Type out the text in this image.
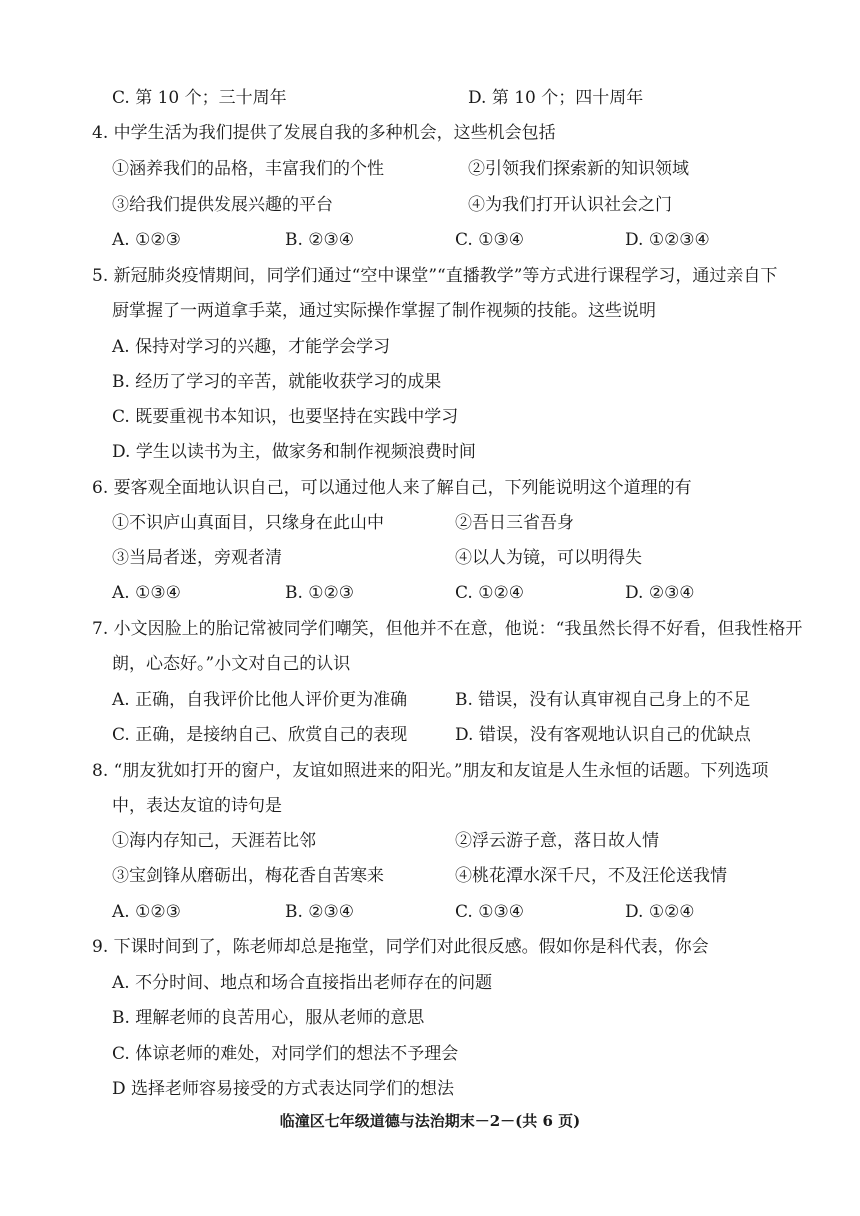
C. 第 10 个；三十周年	D. 第 10 个；四十周年
4. 中学生活为我们提供了发展自我的多种机会，这些机会包括
①涵养我们的品格，丰富我们的个性	②引领我们探索新的知识领域
③给我们提供发展兴趣的平台	④为我们打开认识社会之门
A. ①②③	B. ②③④	C. ①③④	D. ①②③④
5. 新冠肺炎疫情期间，同学们通过“空中课堂”“直播教学”等方式进行课程学习，通过亲自下
厨掌握了一两道拿手菜，通过实际操作掌握了制作视频的技能。这些说明
A. 保持对学习的兴趣，才能学会学习
B. 经历了学习的辛苦，就能收获学习的成果
C. 既要重视书本知识，也要坚持在实践中学习
D. 学生以读书为主，做家务和制作视频浪费时间
6. 要客观全面地认识自己，可以通过他人来了解自己，下列能说明这个道理的有
①不识庐山真面目，只缘身在此山中	②吾日三省吾身
③当局者迷，旁观者清	④以人为镜，可以明得失
A. ①③④	B. ①②③	C. ①②④	D. ②③④
7. 小文因脸上的胎记常被同学们嘲笑，但他并不在意，他说：“我虽然长得不好看，但我性格开
朗，心态好。”小文对自己的认识
A. 正确，自我评价比他人评价更为准确	B. 错误，没有认真审视自己身上的不足
C. 正确，是接纳自己、欣赏自己的表现	D. 错误，没有客观地认识自己的优缺点
8. “朋友犹如打开的窗户，友谊如照进来的阳光。”朋友和友谊是人生永恒的话题。下列选项
中，表达友谊的诗句是
①海内存知己，天涯若比邻	②浮云游子意，落日故人情
③宝剑锋从磨砺出，梅花香自苦寒来	④桃花潭水深千尺，不及汪伦送我情
A. ①②③	B. ②③④	C. ①③④	D. ①②④
9. 下课时间到了，陈老师却总是拖堂，同学们对此很反感。假如你是科代表，你会
A. 不分时间、地点和场合直接指出老师存在的问题
B. 理解老师的良苦用心，服从老师的意思
C. 体谅老师的难处，对同学们的想法不予理会
D 选择老师容易接受的方式表达同学们的想法
临潼区七年级道德与法治期末－2－(共 6 页)
